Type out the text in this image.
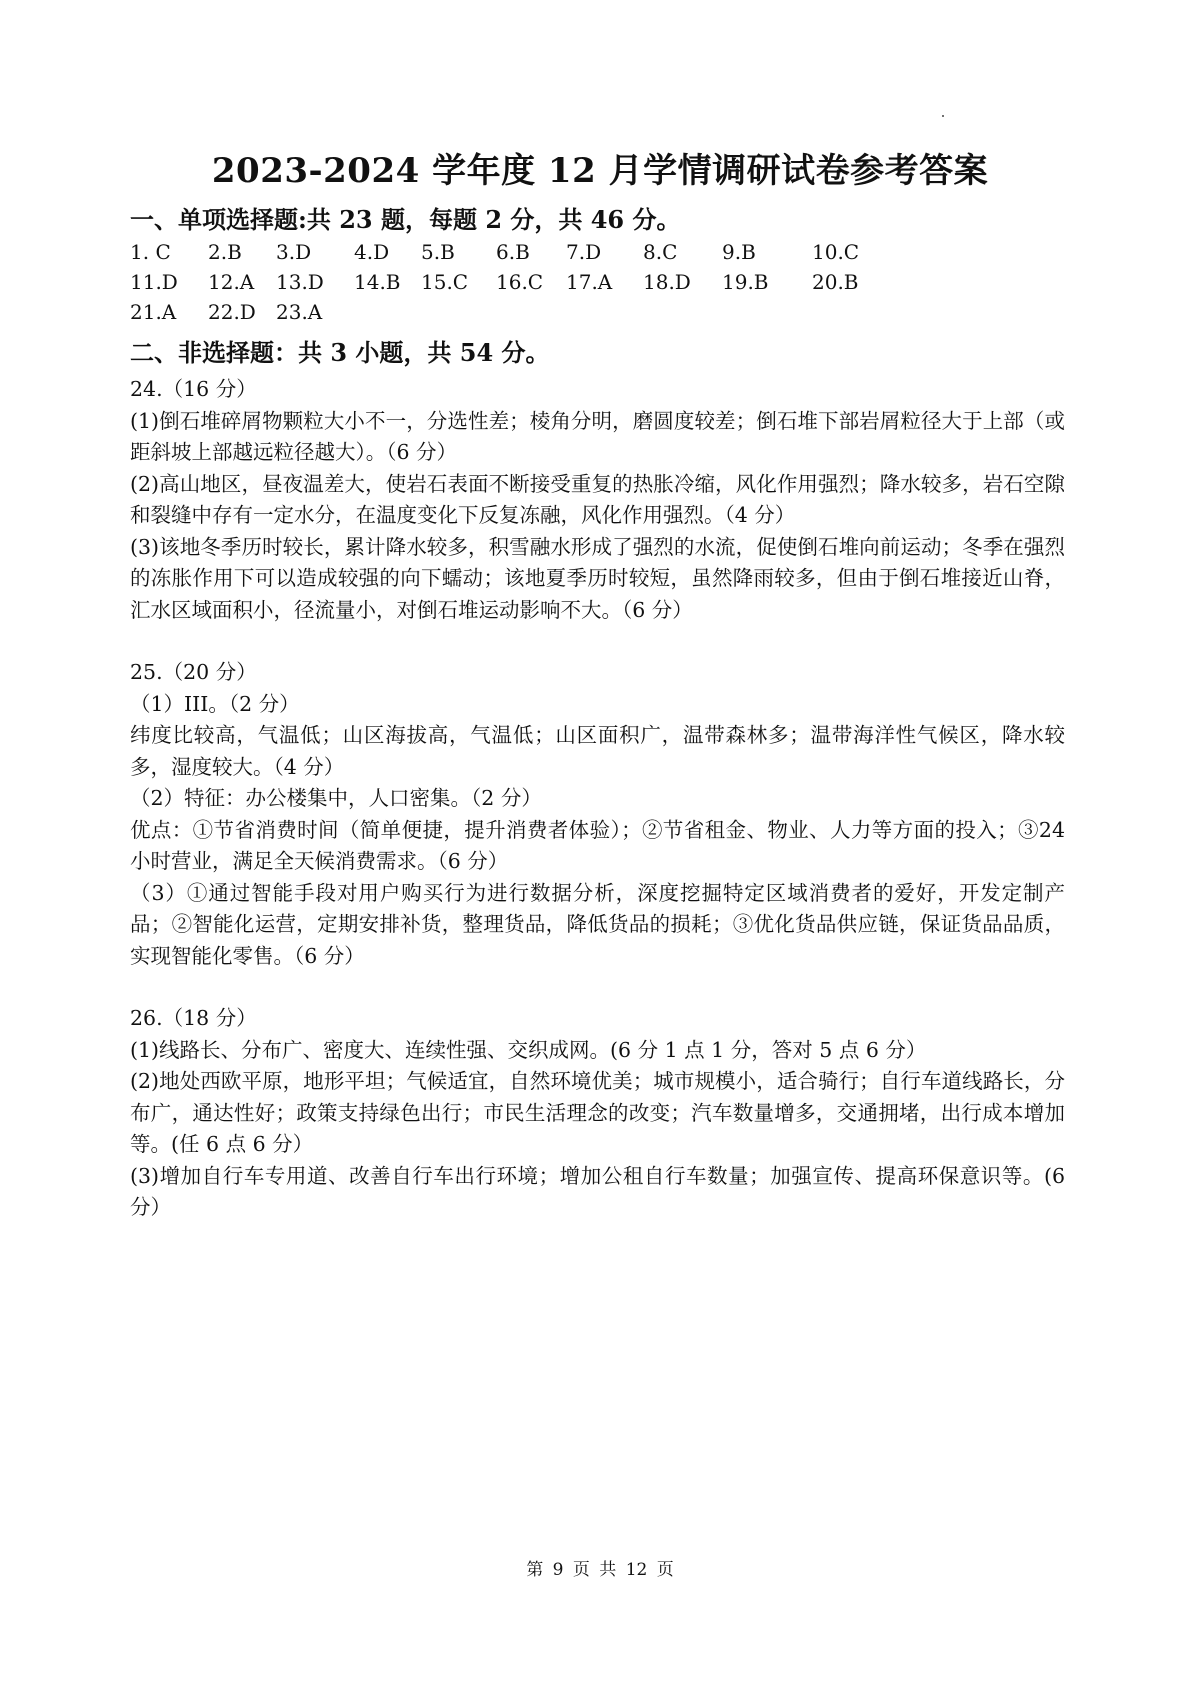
2023-2024 学年度 12 月学情调研试卷参考答案
一、单项选择题:共 23 题，每题 2 分，共 46 分。
1. C 2.B 3.D 4.D 5.B 6.B 7.D 8.C 9.B	10.C
11.D 12.A 13.D 14.B 15.C 16.C 17.A 18.D 19.B 20.B
21.A 22.D 23.A
二、非选择题：共 3 小题，共 54 分。

24.（16 分）

(1)倒石堆碎屑物颗粒大小不一，分选性差；棱角分明，磨圆度较差；倒石堆下部岩屑粒径大于上部（或距斜坡上部越远粒径越大）。（6 分）

(2)高山地区，昼夜温差大，使岩石表面不断接受重复的热胀冷缩，风化作用强烈；降水较多，岩石空隙和裂缝中存有一定水分，在温度变化下反复冻融，风化作用强烈。（4 分）

(3)该地冬季历时较长，累计降水较多，积雪融水形成了强烈的水流，促使倒石堆向前运动；冬季在强烈的冻胀作用下可以造成较强的向下蠕动；该地夏季历时较短，虽然降雨较多，但由于倒石堆接近山脊，汇水区域面积小，径流量小，对倒石堆运动影响不大。（6 分）

25.（20 分）

（1）III。（2 分）

纬度比较高，气温低；山区海拔高，气温低；山区面积广，温带森林多；温带海洋性气候区，降水较多，湿度较大。（4 分）

（2）特征：办公楼集中，人口密集。（2 分）

优点：①节省消费时间（简单便捷，提升消费者体验）；②节省租金、物业、人力等方面的投入；③24 小时营业，满足全天候消费需求。（6 分）

（3）①通过智能手段对用户购买行为进行数据分析，深度挖掘特定区域消费者的爱好，开发定制产品；②智能化运营，定期安排补货，整理货品，降低货品的损耗；③优化货品供应链，保证货品品质，实现智能化零售。（6 分）

26.（18 分）

(1)线路长、分布广、密度大、连续性强、交织成网。(6 分 1 点 1 分，答对 5 点 6 分）

(2)地处西欧平原，地形平坦；气候适宜，自然环境优美；城市规模小，适合骑行；自行车道线路长，分布广，通达性好；政策支持绿色出行；市民生活理念的改变；汽车数量增多，交通拥堵，出行成本增加等。(任 6 点 6 分）

(3)增加自行车专用道、改善自行车出行环境；增加公租自行车数量；加强宣传、提高环保意识等。(6 分）

第 9 页 共 12 页
